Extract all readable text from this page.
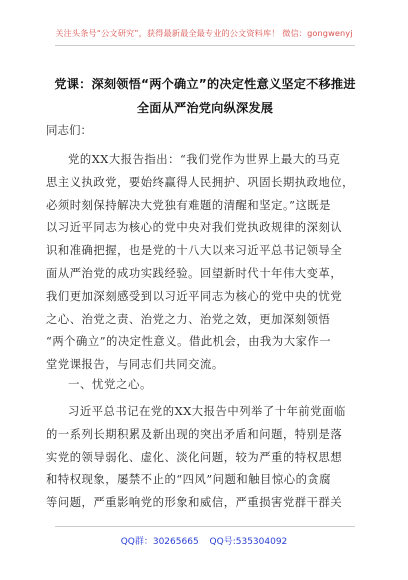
关注头条号“公文研究”，获得最新最全最专业的公文资料库！ 微信：gongwenyj
党课：深刻领悟“两个确立”的决定性意义坚定不移推进
全面从严治党向纵深发展
同志们：
党的XX大报告指出：“我们党作为世界上最大的马克
思主义执政党，要始终赢得人民拥护、巩固长期执政地位，
必须时刻保持解决大党独有难题的清醒和坚定。”这既是
以习近平同志为核心的党中央对我们党执政规律的深刻认
识和准确把握，也是党的十八大以来习近平总书记领导全
面从严治党的成功实践经验。回望新时代十年伟大变革，
我们更加深刻感受到以习近平同志为核心的党中央的忧党
之心、治党之责、治党之力、治党之效，更加深刻领悟
“两个确立”的决定性意义。借此机会，由我为大家作一
堂党课报告，与同志们共同交流。
一、忧党之心。
习近平总书记在党的XX大报告中列举了十年前党面临
的一系列长期积累及新出现的突出矛盾和问题，特别是落
实党的领导弱化、虚化、淡化问题，较为严重的特权思想
和特权现象，屡禁不止的“四风”问题和触目惊心的贪腐
等问题，严重影响党的形象和威信，严重损害党群干群关
QQ群：30265665 QQ号:535304092
